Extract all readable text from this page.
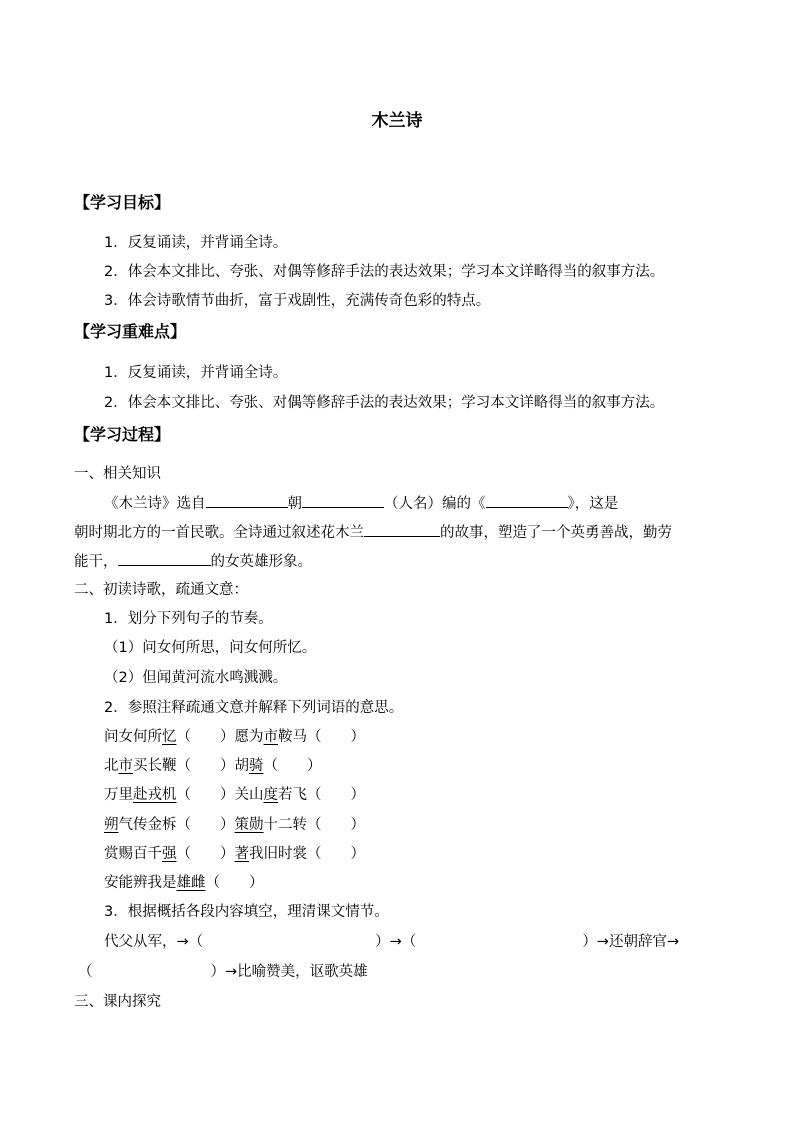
木兰诗
【学习目标】
1．反复诵读，并背诵全诗。
2．体会本文排比、夸张、对偶等修辞手法的表达效果；学习本文详略得当的叙事方法。
3．体会诗歌情节曲折，富于戏剧性，充满传奇色彩的特点。
【学习重难点】
1．反复诵读，并背诵全诗。
2．体会本文排比、夸张、对偶等修辞手法的表达效果；学习本文详略得当的叙事方法。
【学习过程】
一、相关知识
《木兰诗》选自	朝	（人名）编的《	》，这是
朝时期北方的一首民歌。全诗通过叙述花木兰	的故事，塑造了一个英勇善战，勤劳
能干，	的女英雄形象。
二、初读诗歌，疏通文意：
1．划分下列句子的节奏。
（1）问女何所思，问女何所忆。
（2）但闻黄河流水鸣溅溅。
2．参照注释疏通文意并解释下列词语的意思。
问女何所忆（　　）愿为市鞍马（　　）
北市买长鞭（　　）胡骑（　　）
万里赴戎机（　　）关山度若飞（　　）
朔气传金柝（　　）策勋十二转（　　）
赏赐百千强（　　）著我旧时裳（　　）
安能辨我是雄雌（　　）
3．根据概括各段内容填空，理清课文情节。
代父从军，→（	）→（	）→还朝辞官→
（	）→比喻赞美，讴歌英雄
三、课内探究
